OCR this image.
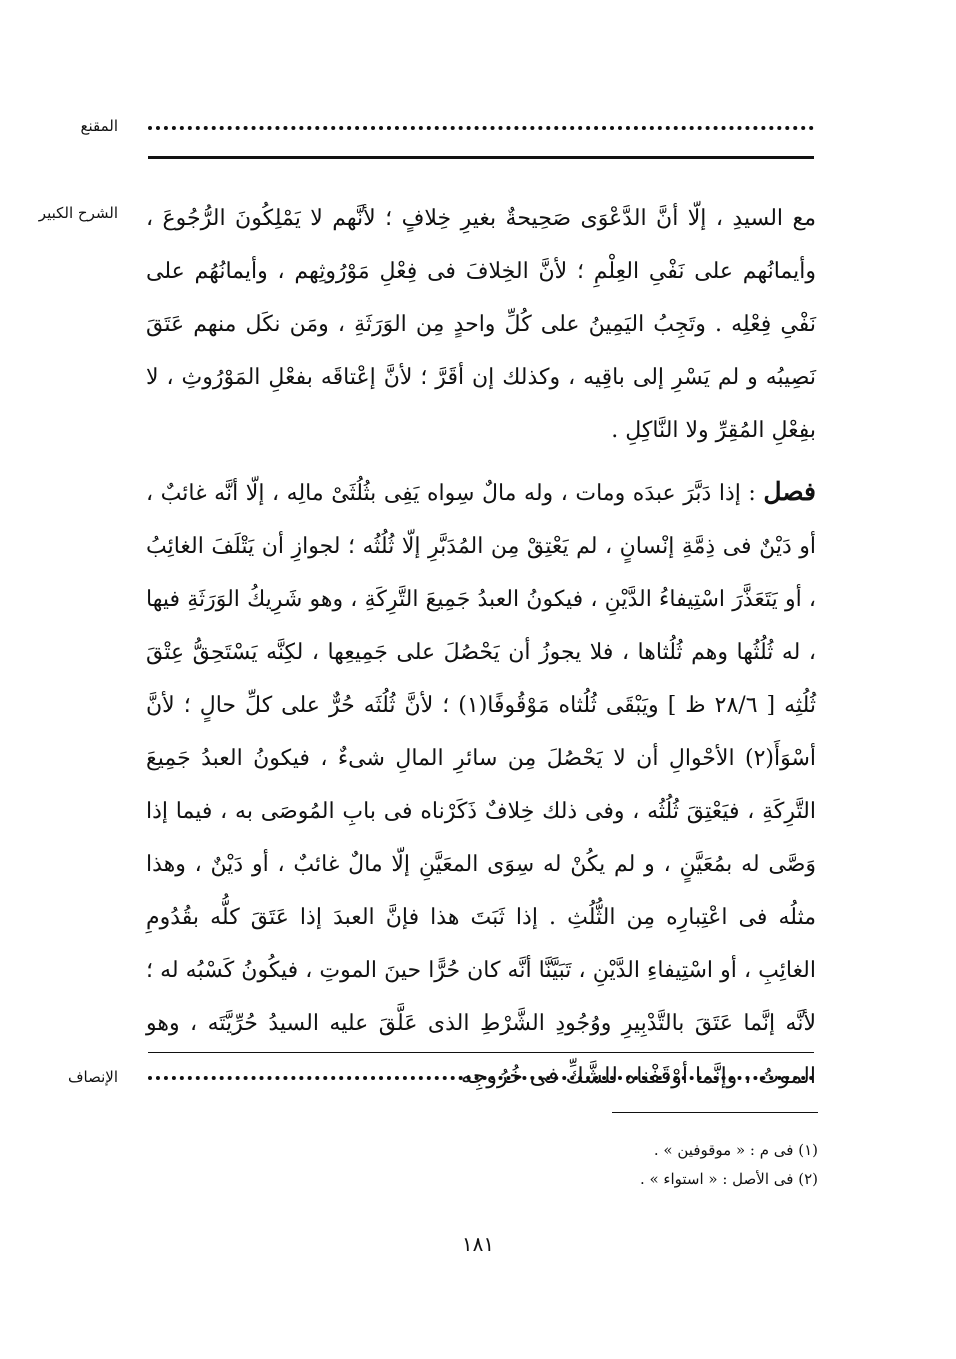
المقنع
الشرح الكبير مع السيدِ ، إلّا أنَّ الدَّعْوَى صَحِيحةٌ بغيرِ خِلافٍ ؛ لأنَّهم لا يَمْلِكُونَ الرُّجُوعَ ، وأيمانُهم على نَفْىِ العِلْمِ ؛ لأنَّ الخِلافَ فى فِعْلِ مَوْرُوثِهم ، وأيمانُهُم على نَفْىِ فِعْلِه . وتَجِبُ اليَمِينُ على كُلِّ واحدٍ مِن الوَرَثَةِ ، ومَن نكَل منهم عَتَقَ نَصِيبُه و لم يَسْرِ إلى باقِيه ، وكذلك إن أقَرَّ ؛ لأنَّ إعْتاقَه بفعْلِ المَوْرُوثِ ، لا بفِعْلِ المُقِرِّ ولا النَّاكِلِ .

فصل : إذا دَبَّرَ عبدَه ومات ، وله مالٌ سِواه يَفِى بثُلُثَىْ مالِه ، إلّا أنَّه غائبٌ ، أو دَيْنٌ فى ذِمَّةِ إنْسانٍ ، لم يَعْتِقْ مِن المُدَبَّرِ إلّا ثُلُثُه ؛ لجوازِ أن يَتْلَفَ الغائِبُ ، أو يَتَعَذَّرَ اسْتِيفاءُ الدَّيْنِ ، فيكونُ العبدُ جَمِيعَ التَّرِكَةِ ، وهو شَرِيكُ الوَرَثَةِ فيها ، له ثُلُثُها وهم ثُلُثاها ، فلا يجوزُ أن يَحْصُلَ على جَمِيعِها ، لكِنَّه يَسْتَحِقُّ عِتْقَ ثُلُثِه [ ٢٨/٦ ظ ] ويَبْقَى ثُلُثاه مَوْقُوفًا(١) ؛ لأنَّ ثُلُثَه حُرٌّ على كلِّ حالٍ ؛ لأنَّ أسْوَأَ(٢) الأحْوالِ أن لا يَحْصُلَ مِن سائرِ المالِ شىءٌ ، فيكونُ العبدُ جَمِيعَ التَّرِكَةِ ، فيَعْتِقَ ثُلُثُه ، وفى ذلك خِلافٌ ذَكَرْناه فى بابِ المُوصَى به ، فيما إذا وَصَّى له بمُعَيَّنٍ ، و لم يكُنْ له سِوَى المعَيَّنِ إلّا مالٌ غائبٌ ، أو دَيْنٌ ، وهذا مثلُه فى اعْتِبارِه مِن الثُّلُثِ . إذا ثَبَتَ هذا فإنَّ العبدَ إذا عَتَقَ كلُّه بقُدُومِ الغائِبِ ، أو اسْتِيفاءِ الدَّيْنِ ، تَبَيَّنَّا أنَّه كان حُرًّا حينَ الموتِ ، فيكُونُ كَسْبُه له ؛ لأنَّه إنَّما عَتَقَ بالتَّدْبِيرِ ووُجُودِ الشَّرْطِ الذى عَلَّقَ عليه السيدُ حُرِّيَّتَه ، وهو الموتُ ، وإنَّما أوْقَفْناه للشَّكِّ فى خُرُوجِه

الإنصاف
(١) فى م : « موقوفين » .
(٢) فى الأصل : « استواء » .
١٨١
